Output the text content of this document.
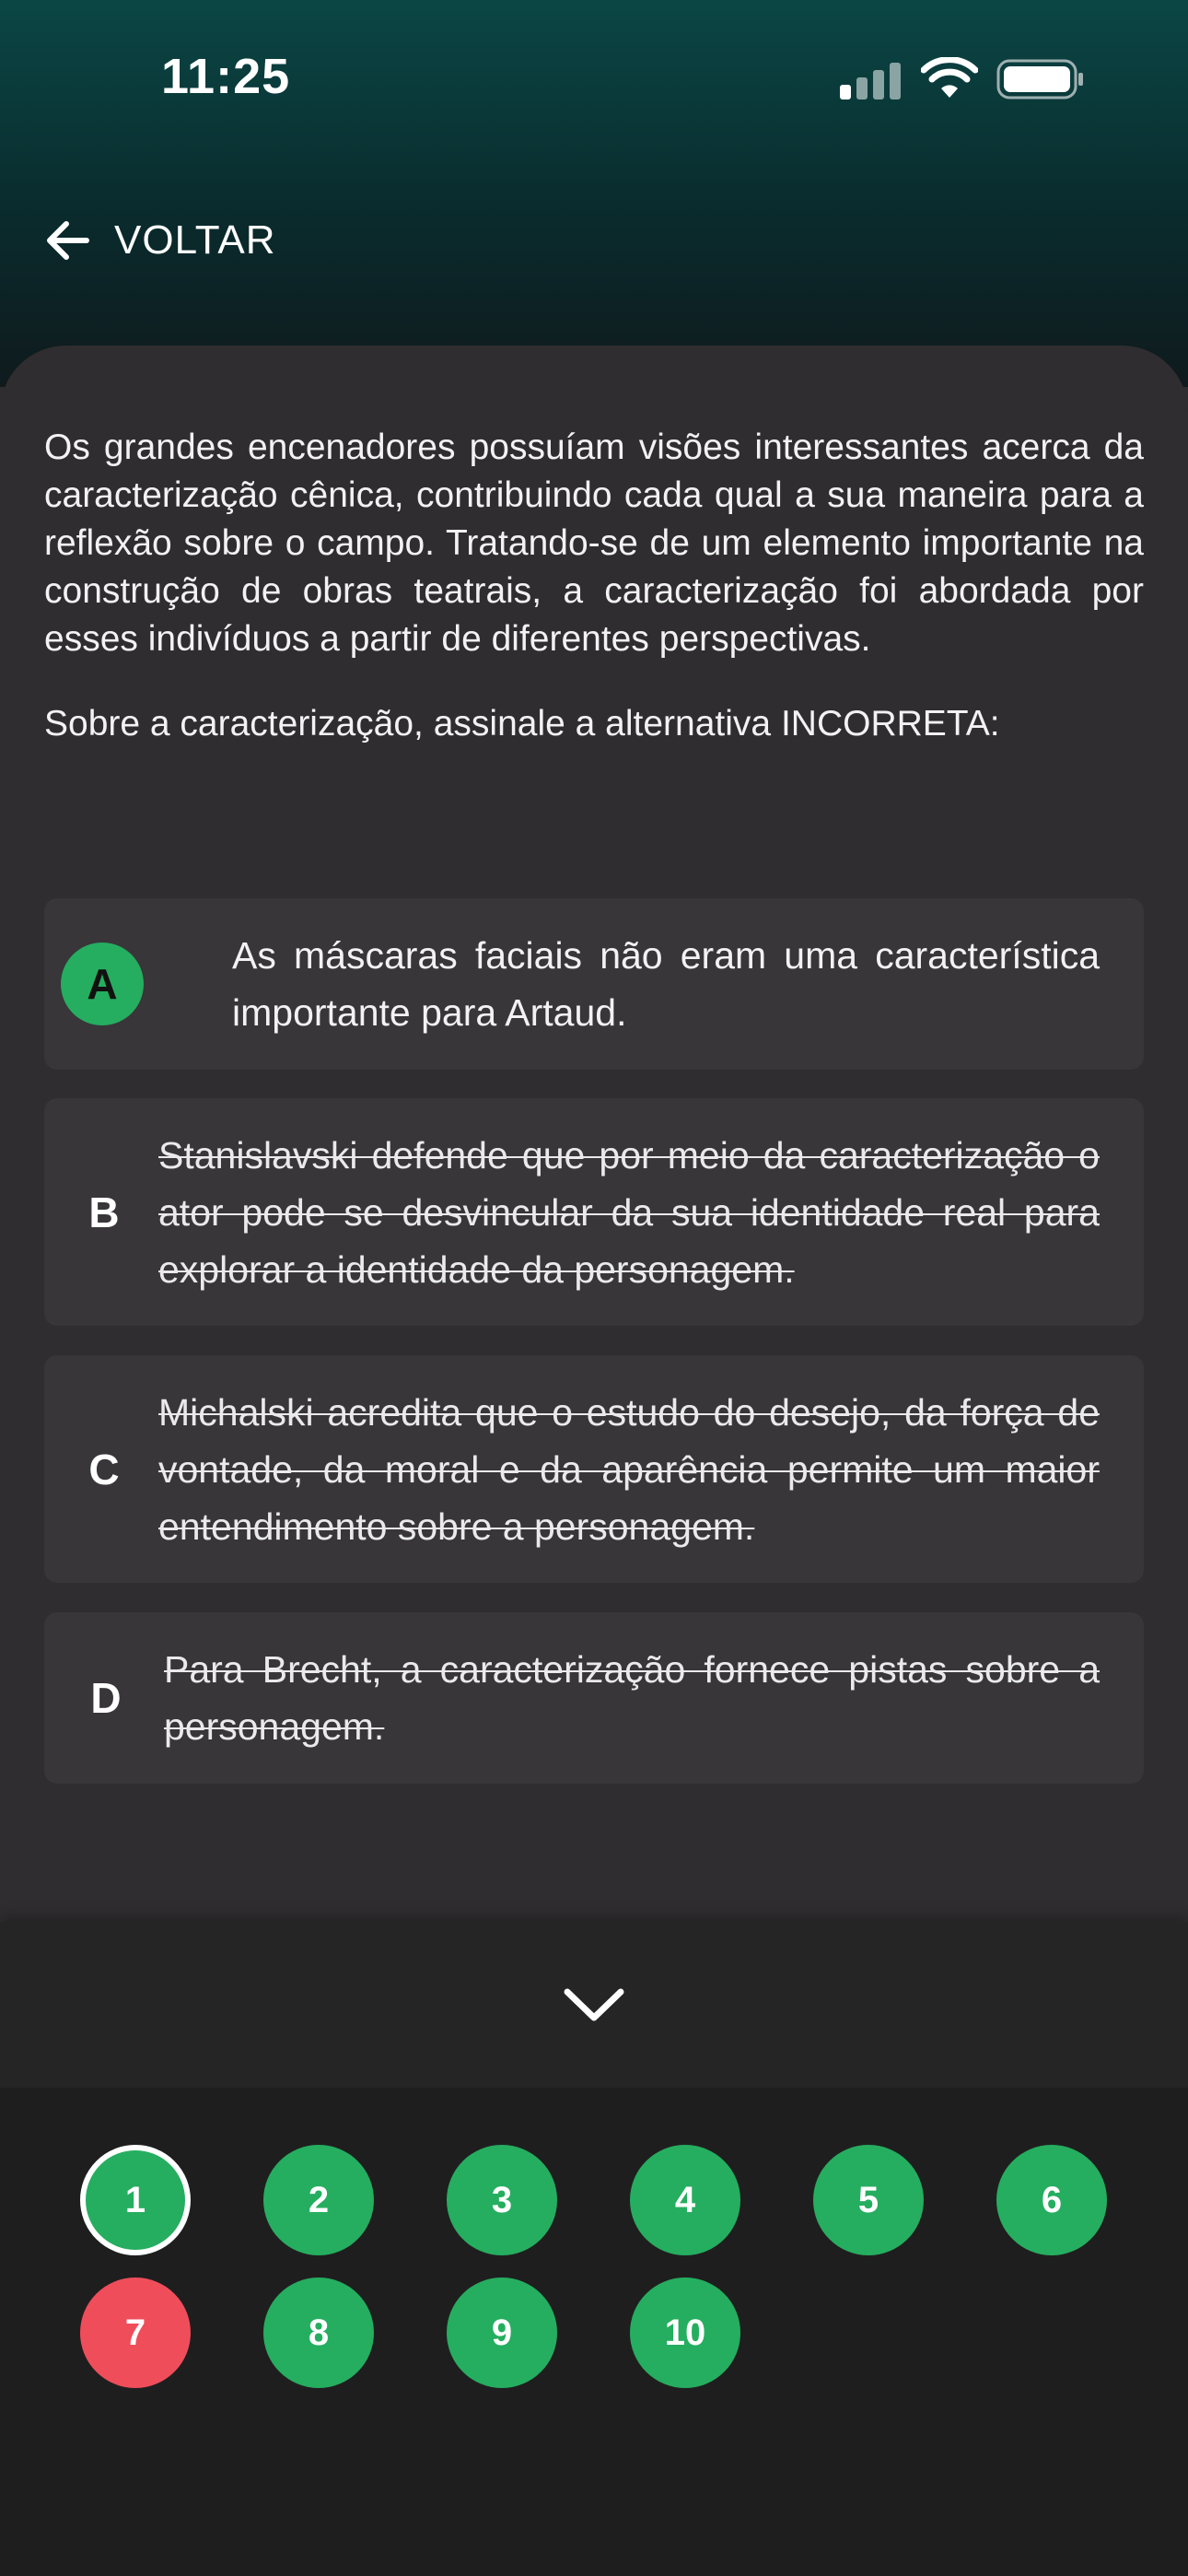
11:25
VOLTAR
Os grandes encenadores possuíam visões interessantes acerca da caracterização cênica, contribuindo cada qual a sua maneira para a reflexão sobre o campo. Tratando-se de um elemento importante na construção de obras teatrais, a caracterização foi abordada por esses indivíduos a partir de diferentes perspectivas.
Sobre a caracterização, assinale a alternativa INCORRETA:
A
As máscaras faciais não eram uma característica importante para Artaud.
B
Stanislavski defende que por meio da caracterização o ator pode se desvincular da sua identidade real para explorar a identidade da personagem.
C
Michalski acredita que o estudo do desejo, da força de vontade, da moral e da aparência permite um maior entendimento sobre a personagem.
D
Para Brecht, a caracterização fornece pistas sobre a personagem.
1	2	3	4	5	6
7	8	9	10
